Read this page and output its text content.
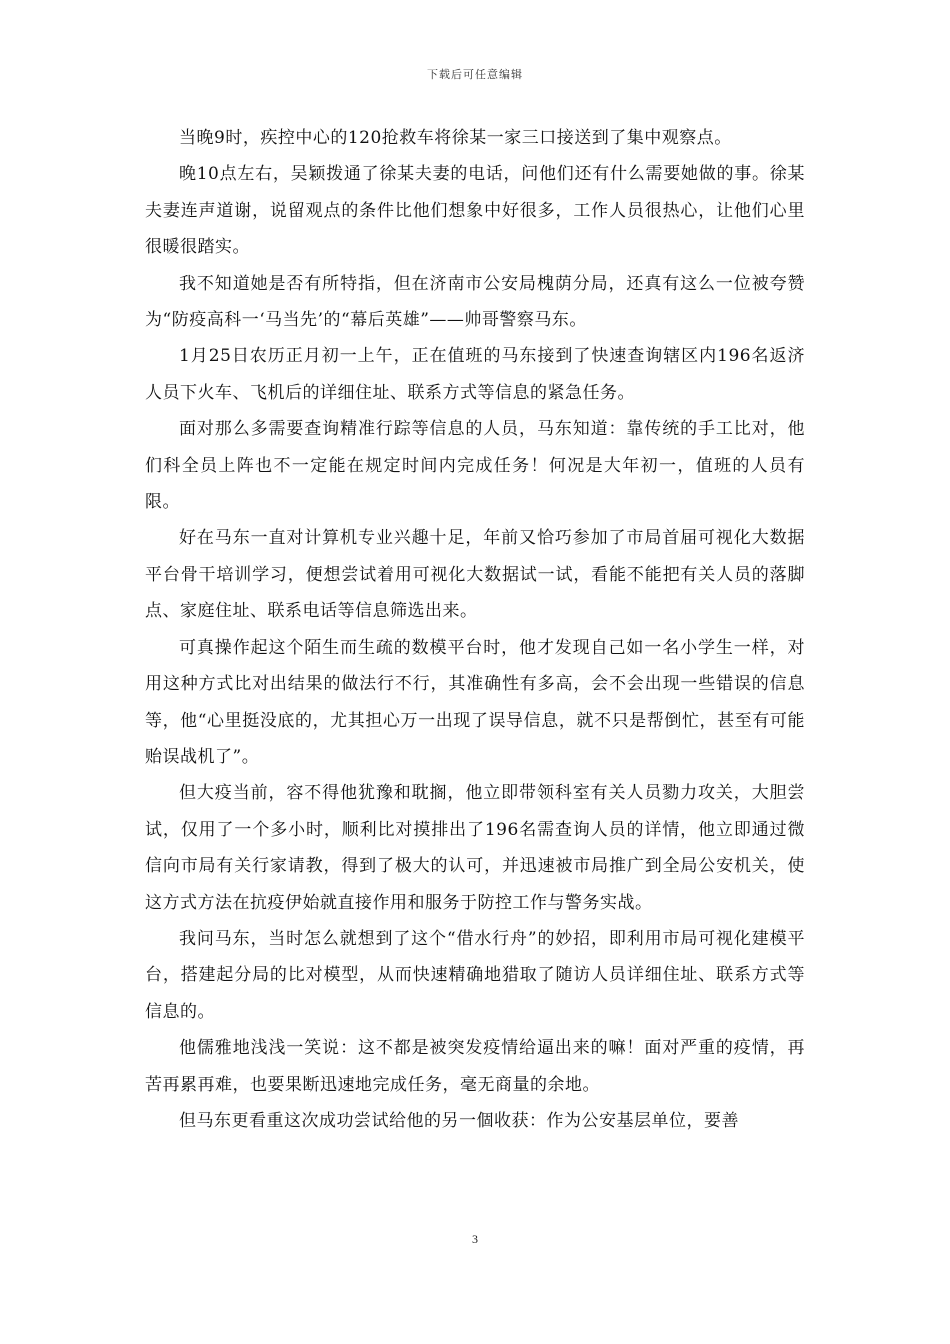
下载后可任意编辑

当晚9时，疾控中心的120抢救车将徐某一家三口接送到了集中观察点。

晚10点左右，吴颖拨通了徐某夫妻的电话，问他们还有什么需要她做的事。徐某夫妻连声道谢，说留观点的条件比他们想象中好很多，工作人员很热心，让他们心里很暖很踏实。

我不知道她是否有所特指，但在济南市公安局槐荫分局，还真有这么一位被夸赞为“防疫高科一‘马当先’的“幕后英雄”——帅哥警察马东。

1月25日农历正月初一上午，正在值班的马东接到了快速查询辖区内196名返济人员下火车、飞机后的详细住址、联系方式等信息的紧急任务。

面对那么多需要查询精准行踪等信息的人员，马东知道：靠传统的手工比对，他们科全员上阵也不一定能在规定时间内完成任务！何况是大年初一，值班的人员有限。

好在马东一直对计算机专业兴趣十足，年前又恰巧参加了市局首届可视化大数据平台骨干培训学习，便想尝试着用可视化大数据试一试，看能不能把有关人员的落脚点、家庭住址、联系电话等信息筛选出来。

可真操作起这个陌生而生疏的数模平台时，他才发现自己如一名小学生一样，对用这种方式比对出结果的做法行不行，其准确性有多高，会不会出现一些错误的信息等，他“心里挺没底的，尤其担心万一出现了误导信息，就不只是帮倒忙，甚至有可能贻误战机了”。

但大疫当前，容不得他犹豫和耽搁，他立即带领科室有关人员勠力攻关，大胆尝试，仅用了一个多小时，顺利比对摸排出了196名需查询人员的详情，他立即通过微信向市局有关行家请教，得到了极大的认可，并迅速被市局推广到全局公安机关，使这方式方法在抗疫伊始就直接作用和服务于防控工作与警务实战。

我问马东，当时怎么就想到了这个“借水行舟”的妙招，即利用市局可视化建模平台，搭建起分局的比对模型，从而快速精确地猎取了随访人员详细住址、联系方式等信息的。

他儒雅地浅浅一笑说：这不都是被突发疫情给逼出来的嘛！面对严重的疫情，再苦再累再难，也要果断迅速地完成任务，毫无商量的余地。

但马东更看重这次成功尝试给他的另一個收获：作为公安基层单位，要善

3
